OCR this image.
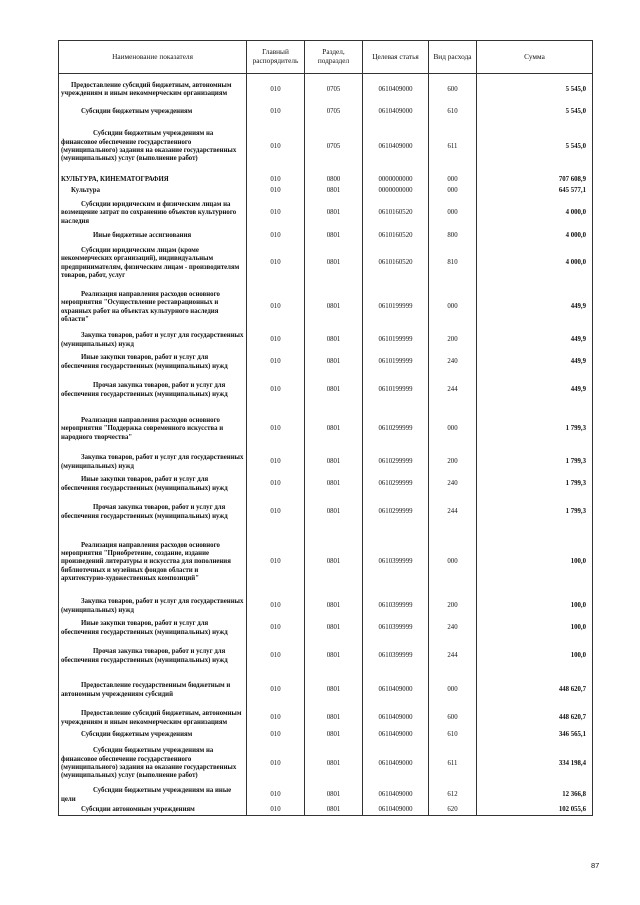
Наименование показателя	Главный распорядитель	Раздел, подраздел	Целевая статья	Вид расхода	Сумма

Предоставление субсидий бюджетным, автономным учреждениям и иным некоммерческим организациям	010	0705	0610409000	600	5 545,0

Субсидии бюджетным учреждениям	010	0705	0610409000	610	5 545,0

Субсидии бюджетным учреждениям на финансовое обеспечение государственного (муниципального) задания на оказание государственных (муниципальных) услуг (выполнение работ)	010	0705	0610409000	611	5 545,0

КУЛЬТУРА, КИНЕМАТОГРАФИЯ	010	0800	0000000000	000	707 608,9

Культура	010	0801	0000000000	000	645 577,1

Субсидии юридическим и физическим лицам на возмещение затрат по сохранению объектов культурного наследия	010	0801	0610160520	000	4 000,0

Иные бюджетные ассигнования	010	0801	0610160520	800	4 000,0

Субсидии юридическим лицам (кроме некоммерческих организаций), индивидуальным предпринимателям, физическим лицам - производителям товаров, работ, услуг	010	0801	0610160520	810	4 000,0

Реализация направления расходов основного мероприятия "Осуществление реставрационных и охранных работ на объектах культурного наследия области"	010	0801	0610199999	000	449,9

Закупка товаров, работ и услуг для государственных (муниципальных) нужд	010	0801	0610199999	200	449,9

Иные закупки товаров, работ и услуг для обеспечения государственных (муниципальных) нужд	010	0801	0610199999	240	449,9

Прочая закупка товаров, работ и услуг для обеспечения государственных (муниципальных) нужд	010	0801	0610199999	244	449,9

Реализация направления расходов основного мероприятия "Поддержка современного искусства и народного творчества"	010	0801	0610299999	000	1 799,3

Закупка товаров, работ и услуг для государственных (муниципальных) нужд	010	0801	0610299999	200	1 799,3

Иные закупки товаров, работ и услуг для обеспечения государственных (муниципальных) нужд	010	0801	0610299999	240	1 799,3

Прочая закупка товаров, работ и услуг для обеспечения государственных (муниципальных) нужд	010	0801	0610299999	244	1 799,3

Реализация направления расходов основного мероприятия "Приобретение, создание, издание произведений литературы и искусства для пополнения библиотечных и музейных фондов области и архитектурно-художественных композиций"	010	0801	0610399999	000	100,0

Закупка товаров, работ и услуг для государственных (муниципальных) нужд	010	0801	0610399999	200	100,0

Иные закупки товаров, работ и услуг для обеспечения государственных (муниципальных) нужд	010	0801	0610399999	240	100,0

Прочая закупка товаров, работ и услуг для обеспечения государственных (муниципальных) нужд	010	0801	0610399999	244	100,0

Предоставление государственным бюджетным и автономным учреждениям субсидий	010	0801	0610409000	000	448 620,7

Предоставление субсидий бюджетным, автономным учреждениям и иным некоммерческим организациям	010	0801	0610409000	600	448 620,7

Субсидии бюджетным учреждениям	010	0801	0610409000	610	346 565,1

Субсидии бюджетным учреждениям на финансовое обеспечение государственного (муниципального) задания на оказание государственных (муниципальных) услуг (выполнение работ)	010	0801	0610409000	611	334 198,4

Субсидии бюджетным учреждениям на иные цели	010	0801	0610409000	612	12 366,8

Субсидии автономным учреждениям	010	0801	0610409000	620	102 055,6
87
